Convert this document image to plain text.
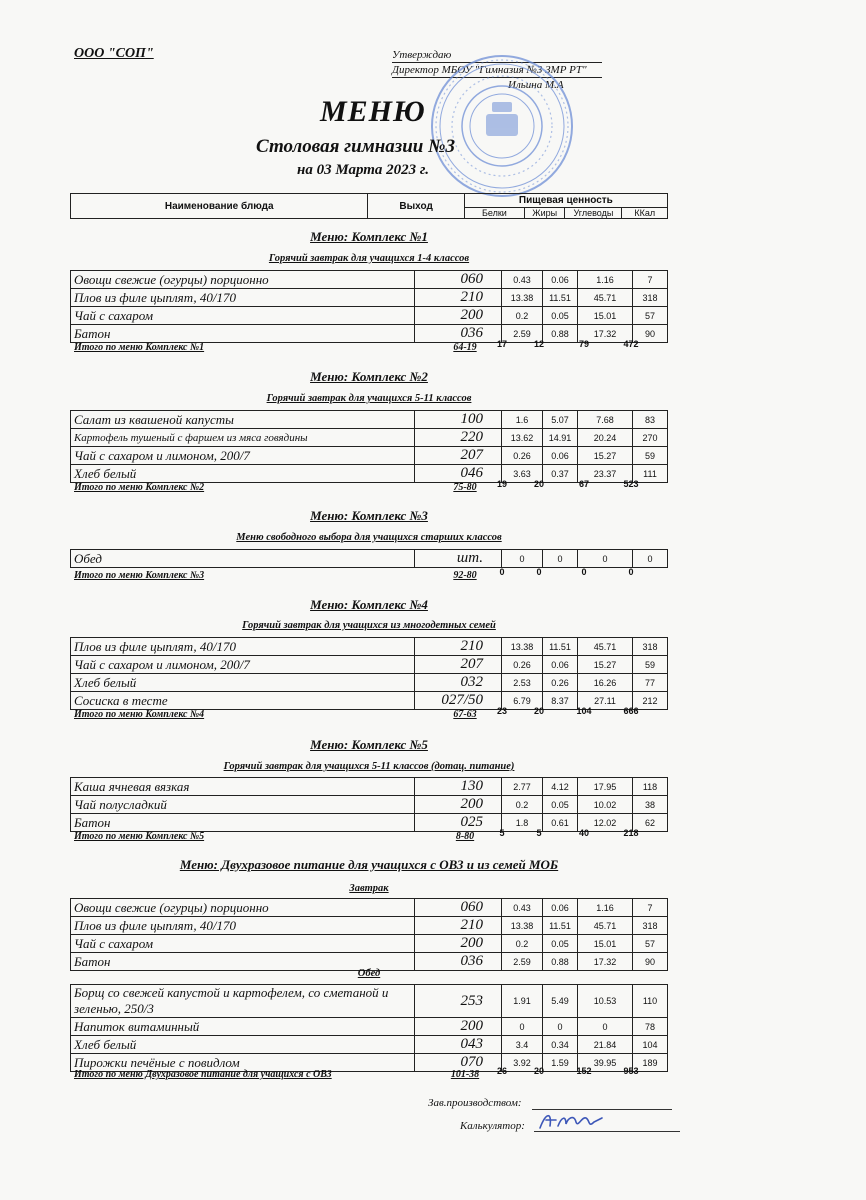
ООО "СОП"	Утверждаю
Директор МБОУ "Гимназия №3 ЗМР РТ"
Ильина М.А
МЕНЮ
Столовая гимназии №3
на 03 Марта 2023 г.
Наименование блюда	Выход	Пищевая ценность			
		Белки	Жиры	Углеводы	ККал
Меню: Комплекс №1
Горячий завтрак для учащихся 1-4 классов
Овощи свежие (огурцы) порционно	060	0.43	0.06	1.16	7
Плов из филе цыплят, 40/170	210	13.38	11.51	45.71	318
Чай с сахаром	200	0.2	0.05	15.01	57
Батон	036	2.59	0.88	17.32	90
Итого по меню Комплекс №1	64-19	17	12	79	472
Меню: Комплекс №2
Горячий завтрак для учащихся 5-11 классов
Салат из квашеной капусты	100	1.6	5.07	7.68	83
Картофель тушеный с фаршем из мяса говядины	220	13.62	14.91	20.24	270
Чай с сахаром и лимоном, 200/7	207	0.26	0.06	15.27	59
Хлеб белый	046	3.63	0.37	23.37	111
Итого по меню Комплекс №2	75-80	19	20	67	523
Меню: Комплекс №3
Меню свободного выбора для учащихся старших классов
Обед	шт.	0	0	0	0
Итого по меню Комплекс №3	92-80	0	0	0	0
Меню: Комплекс №4
Горячий завтрак для учащихся из многодетных семей
Плов из филе цыплят, 40/170	210	13.38	11.51	45.71	318
Чай с сахаром и лимоном, 200/7	207	0.26	0.06	15.27	59
Хлеб белый	032	2.53	0.26	16.26	77
Сосиска в тесте	027/50	6.79	8.37	27.11	212
Итого по меню Комплекс №4	67-63	23	20	104	666
Меню: Комплекс №5
Горячий завтрак для учащихся 5-11 классов (дотац. питание)
Каша ячневая вязкая	130	2.77	4.12	17.95	118
Чай полусладкий	200	0.2	0.05	10.02	38
Батон	025	1.8	0.61	12.02	62
Итого по меню Комплекс №5	8-80	5	5	40	218
Меню: Двухразовое питание для учащихся с ОВЗ и из семей МОБ
Завтрак
Овощи свежие (огурцы) порционно	060	0.43	0.06	1.16	7
Плов из филе цыплят, 40/170	210	13.38	11.51	45.71	318
Чай с сахаром	200	0.2	0.05	15.01	57
Батон	036	2.59	0.88	17.32	90
Обед
Борщ со свежей капустой и картофелем, со сметаной и зеленью, 250/3	253	1.91	5.49	10.53	110
Напиток витаминный	200	0	0	0	78
Хлеб белый	043	3.4	0.34	21.84	104
Пирожки печёные с повидлом	070	3.92	1.59	39.95	189
Итого по меню Двухразовое питание для учащихся с ОВЗ	101-38	26	20	152	953
Зав.производством:
Калькулятор:
